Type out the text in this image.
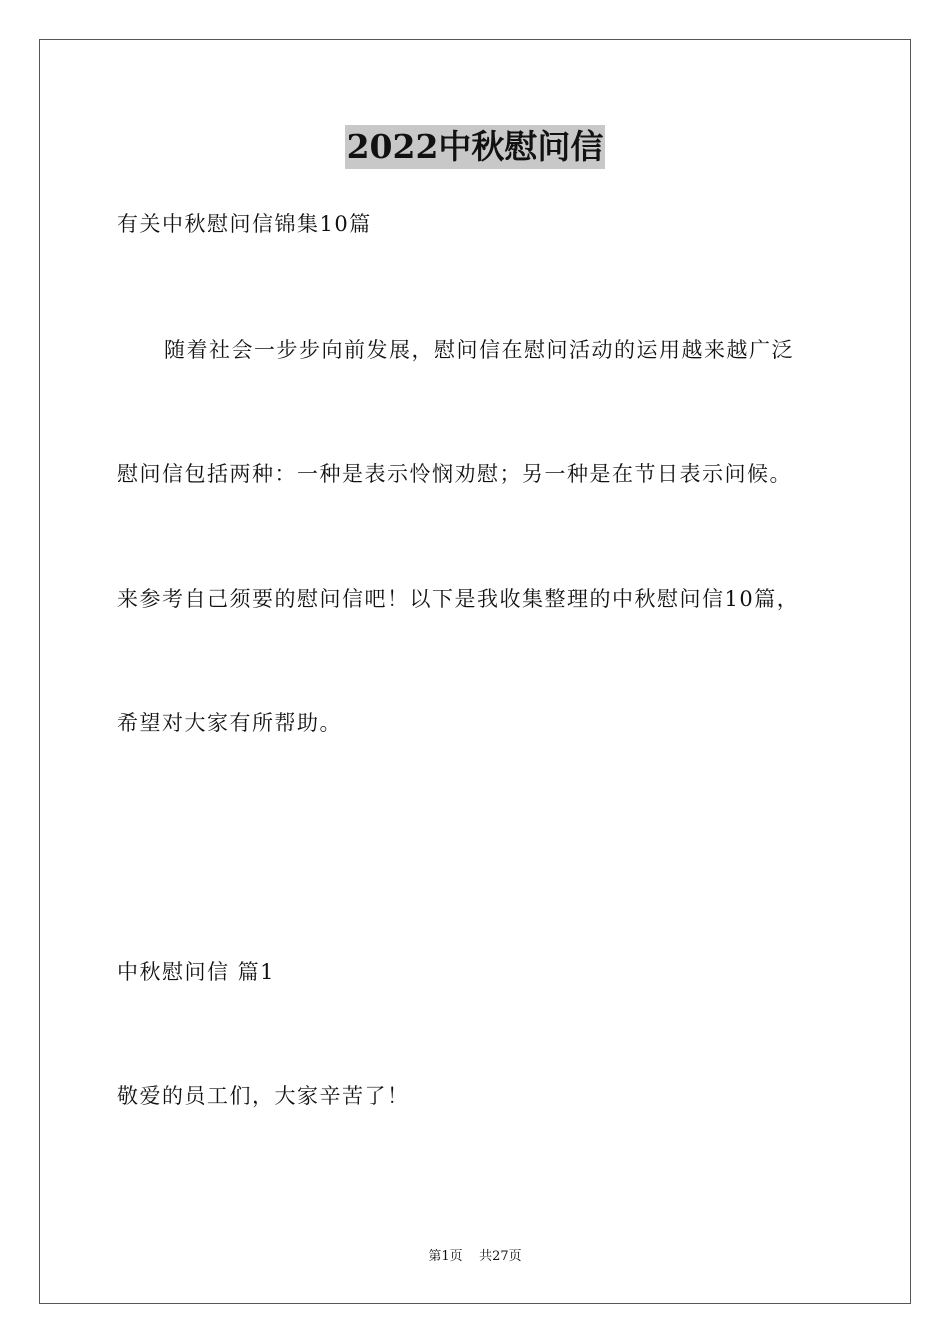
2022中秋慰问信
有关中秋慰问信锦集10篇
随着社会一步步向前发展，慰问信在慰问活动的运用越来越广泛
慰问信包括两种：一种是表示怜悯劝慰；另一种是在节日表示问候。
来参考自己须要的慰问信吧！以下是我收集整理的中秋慰问信10篇，
希望对大家有所帮助。
中秋慰问信 篇1
敬爱的员工们，大家辛苦了！
第1页 共27页
